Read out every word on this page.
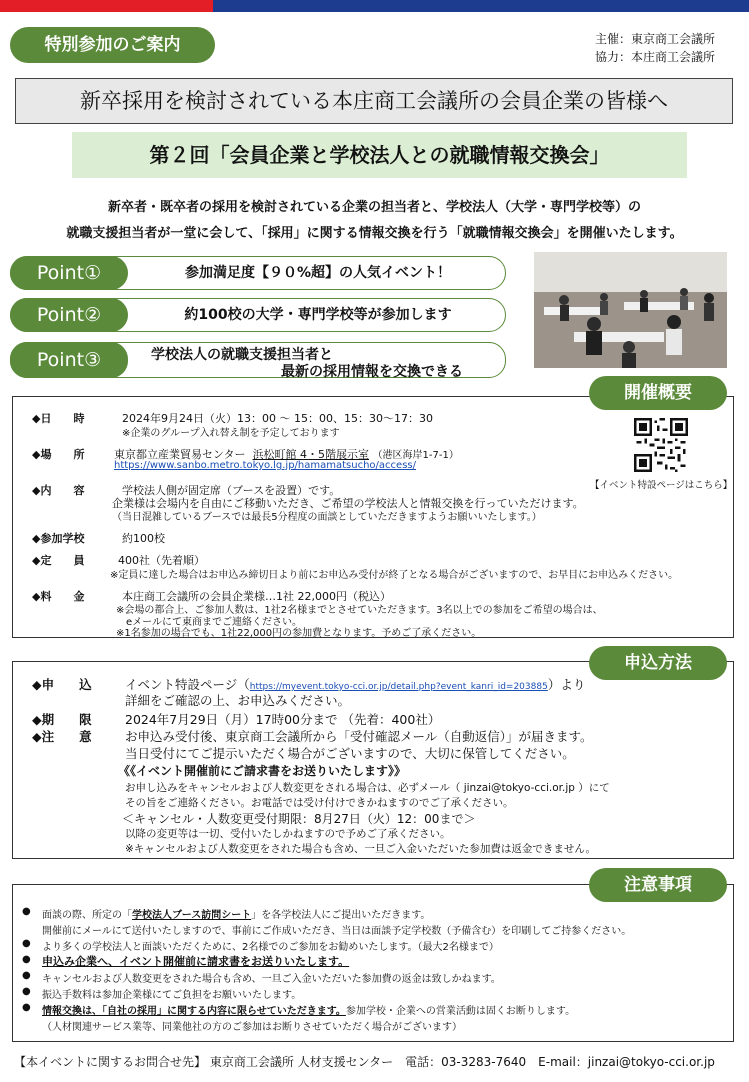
特別参加のご案内	主催：東京商工会議所
協力：本庄商工会議所
新卒採用を検討されている本庄商工会議所の会員企業の皆様へ
第２回「会員企業と学校法人との就職情報交換会」
新卒者・既卒者の採用を検討されている企業の担当者と、学校法人（大学・専門学校等）の
就職支援担当者が一堂に会して、「採用」に関する情報交換を行う「就職情報交換会」を開催いたします。
Point①	参加満足度【９０%超】の人気イベント！
Point②	約100校の大学・専門学校等が参加します
Point③	学校法人の就職支援担当者と
最新の採用情報を交換できる
開催概要
◆日　　時	2024年9月24日（火）13：00 ～ 15：00、15：30～17：30
※企業のグループ入れ替え制を予定しております
◆場　　所	東京都立産業貿易センター 浜松町館 4・5階展示室 （港区海岸1-7-1）
https://www.sanbo.metro.tokyo.lg.jp/hamamatsucho/access/
【イベント特設ページはこちら】
◆内　　容	学校法人側が固定席（ブースを設置）です。
企業様は会場内を自由にご移動いただき、ご希望の学校法人と情報交換を行っていただけます。
（当日混雑しているブースでは最長5分程度の面談としていただきますようお願いいたします。）
◆参加学校	約100校
◆定　　員	400社（先着順）
※定員に達した場合はお申込み締切日より前にお申込み受付が終了となる場合がございますので、お早目にお申込みください。
◆料　　金	本庄商工会議所の会員企業様…1社 22,000円（税込）
※会場の都合上、ご参加人数は、1社2名様までとさせていただきます。3名以上での参加をご希望の場合は、
　eメールにて東商までご連絡ください。
※1名参加の場合でも、1社22,000円の参加費となります。予めご了承ください。
申込方法
◆申　　込	イベント特設ページ（https://myevent.tokyo-cci.or.jp/detail.php?event_kanri_id=203885）より
詳細をご確認の上、お申込みください。
◆期　　限	2024年7月29日（月）17時00分まで （先着：400社）
◆注　　意	お申込み受付後、東京商工会議所から「受付確認メール（自動返信）」が届きます。
当日受付にてご提示いただく場合がございますので、大切に保管してください。
《《イベント開催前にご請求書をお送りいたします》》
お申し込みをキャンセルおよび人数変更をされる場合は、必ずメール（ jinzai@tokyo-cci.or.jp ）にて
その旨をご連絡ください。お電話では受け付けできかねますのでご了承ください。
＜キャンセル・人数変更受付期限：8月27日（火）12：00まで＞
以降の変更等は一切、受付いたしかねますので予めご了承ください。
※キャンセルおよび人数変更をされた場合も含め、一旦ご入金いただいた参加費は返金できません。
注意事項
● 面談の際、所定の「学校法人ブース訪問シート」を各学校法人にご提出いただきます。
開催前にメールにて送付いたしますので、事前にご作成いただき、当日は面談予定学校数（予備含む）を印刷してご持参ください。
● より多くの学校法人と面談いただくために、2名様でのご参加をお勧めいたします。（最大2名様まで）
● 申込み企業へ、イベント開催前に請求書をお送りいたします。
● キャンセルおよび人数変更をされた場合も含め、一旦ご入金いただいた参加費の返金は致しかねます。
● 振込手数料は参加企業様にてご負担をお願いいたします。
● 情報交換は、「自社の採用」に関する内容に限らせていただきます。参加学校・企業への営業活動は固くお断りします。
（人材関連サービス業等、同業他社の方のご参加はお断りさせていただく場合がございます）
【本イベントに関するお問合せ先】 東京商工会議所 人材支援センター　電話：03-3283-7640　E-mail：jinzai@tokyo-cci.or.jp
